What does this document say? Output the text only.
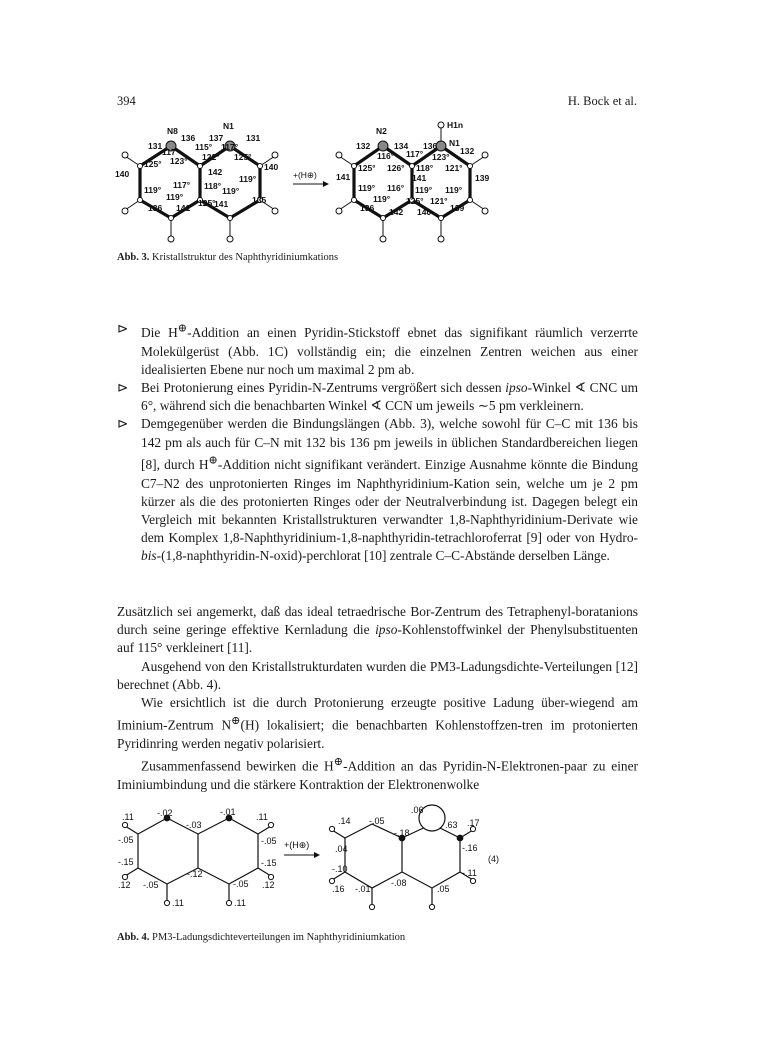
394	H. Bock et al.
N8	N1
131
136 137	131
117° 115° 117°
125° 123° 122° 125°
142
140
140
119° 117° 118°
119°
119°
119°
125°
136 141	141	135
+(H⊕)
N2
N1
H1n
132	134 136	132
116° 117° 123°
125° 126° 118° 121°
141	141	139
119° 116° 119° 119°
119° 125° 121°
136 142 140 139
Abb. 3. Kristallstruktur des Naphthyridiniumkations

⊳ Die H⊕-Addition an einen Pyridin-Stickstoff ebnet das signifikant räumlich verzerrte Molekülgerüst (Abb. 1C) vollständig ein; die einzelnen Zentren weichen aus einer idealisierten Ebene nur noch um maximal 2 pm ab.

⊳ Bei Protonierung eines Pyridin-N-Zentrums vergrößert sich dessen ipso-Winkel ∢ CNC um 6°, während sich die benachbarten Winkel ∢ CCN um jeweils ∼5 pm verkleinern.

⊳ Demgegenüber werden die Bindungslängen (Abb. 3), welche sowohl für C–C mit 136 bis 142 pm als auch für C–N mit 132 bis 136 pm jeweils in üblichen Standardbereichen liegen [8], durch H⊕-Addition nicht signifikant verändert. Einzige Ausnahme könnte die Bindung C7–N2 des unprotonierten Ringes im Naphthyridinium-Kation sein, welche um je 2 pm kürzer als die des protonierten Ringes oder der Neutralverbindung ist. Dagegen belegt ein Vergleich mit bekannten Kristallstrukturen verwandter 1,8-Naphthyridinium-Derivate wie dem Komplex 1,8-Naphthyridinium-1,8-naphthyridin-tetrachloroferrat [9] oder von Hydro-bis-(1,8-naphthyridin-N-oxid)-perchlorat [10] zentrale C–C-Abstände derselben Länge.

Zusätzlich sei angemerkt, daß das ideal tetraedrische Bor-Zentrum des Tetraphenyl-boratanions durch seine geringe effektive Kernladung die ipso-Kohlenstoffwinkel der Phenylsubstituenten auf 115° verkleinert [11].

Ausgehend von den Kristallstrukturdaten wurden die PM3-Ladungsdichte-Verteilungen [12] berechnet (Abb. 4).

Wie ersichtlich ist die durch Protonierung erzeugte positive Ladung über-wiegend am Iminium-Zentrum N⊕(H) lokalisiert; die benachbarten Kohlenstoffzen-tren im protonierten Pyridinring werden negativ polarisiert.

Zusammenfassend bewirken die H⊕-Addition an das Pyridin-N-Elektronen-paar zu einer Iminiumbindung und die stärkere Kontraktion der Elektronenwolke

.11	-.02	-.01 .11
-.03
-.05	-.05
-.15	-.15
-.12
.12 -.05	-.05 .12
.11	.11
+(H⊕)
.06
.14 -.05	.63 .17
-.18
.04	-.16
-.10	-.11
.16 -.01
-.08
.05
(4)
Abb. 4. PM3-Ladungsdichteverteilungen im Naphthyridiniumkation
